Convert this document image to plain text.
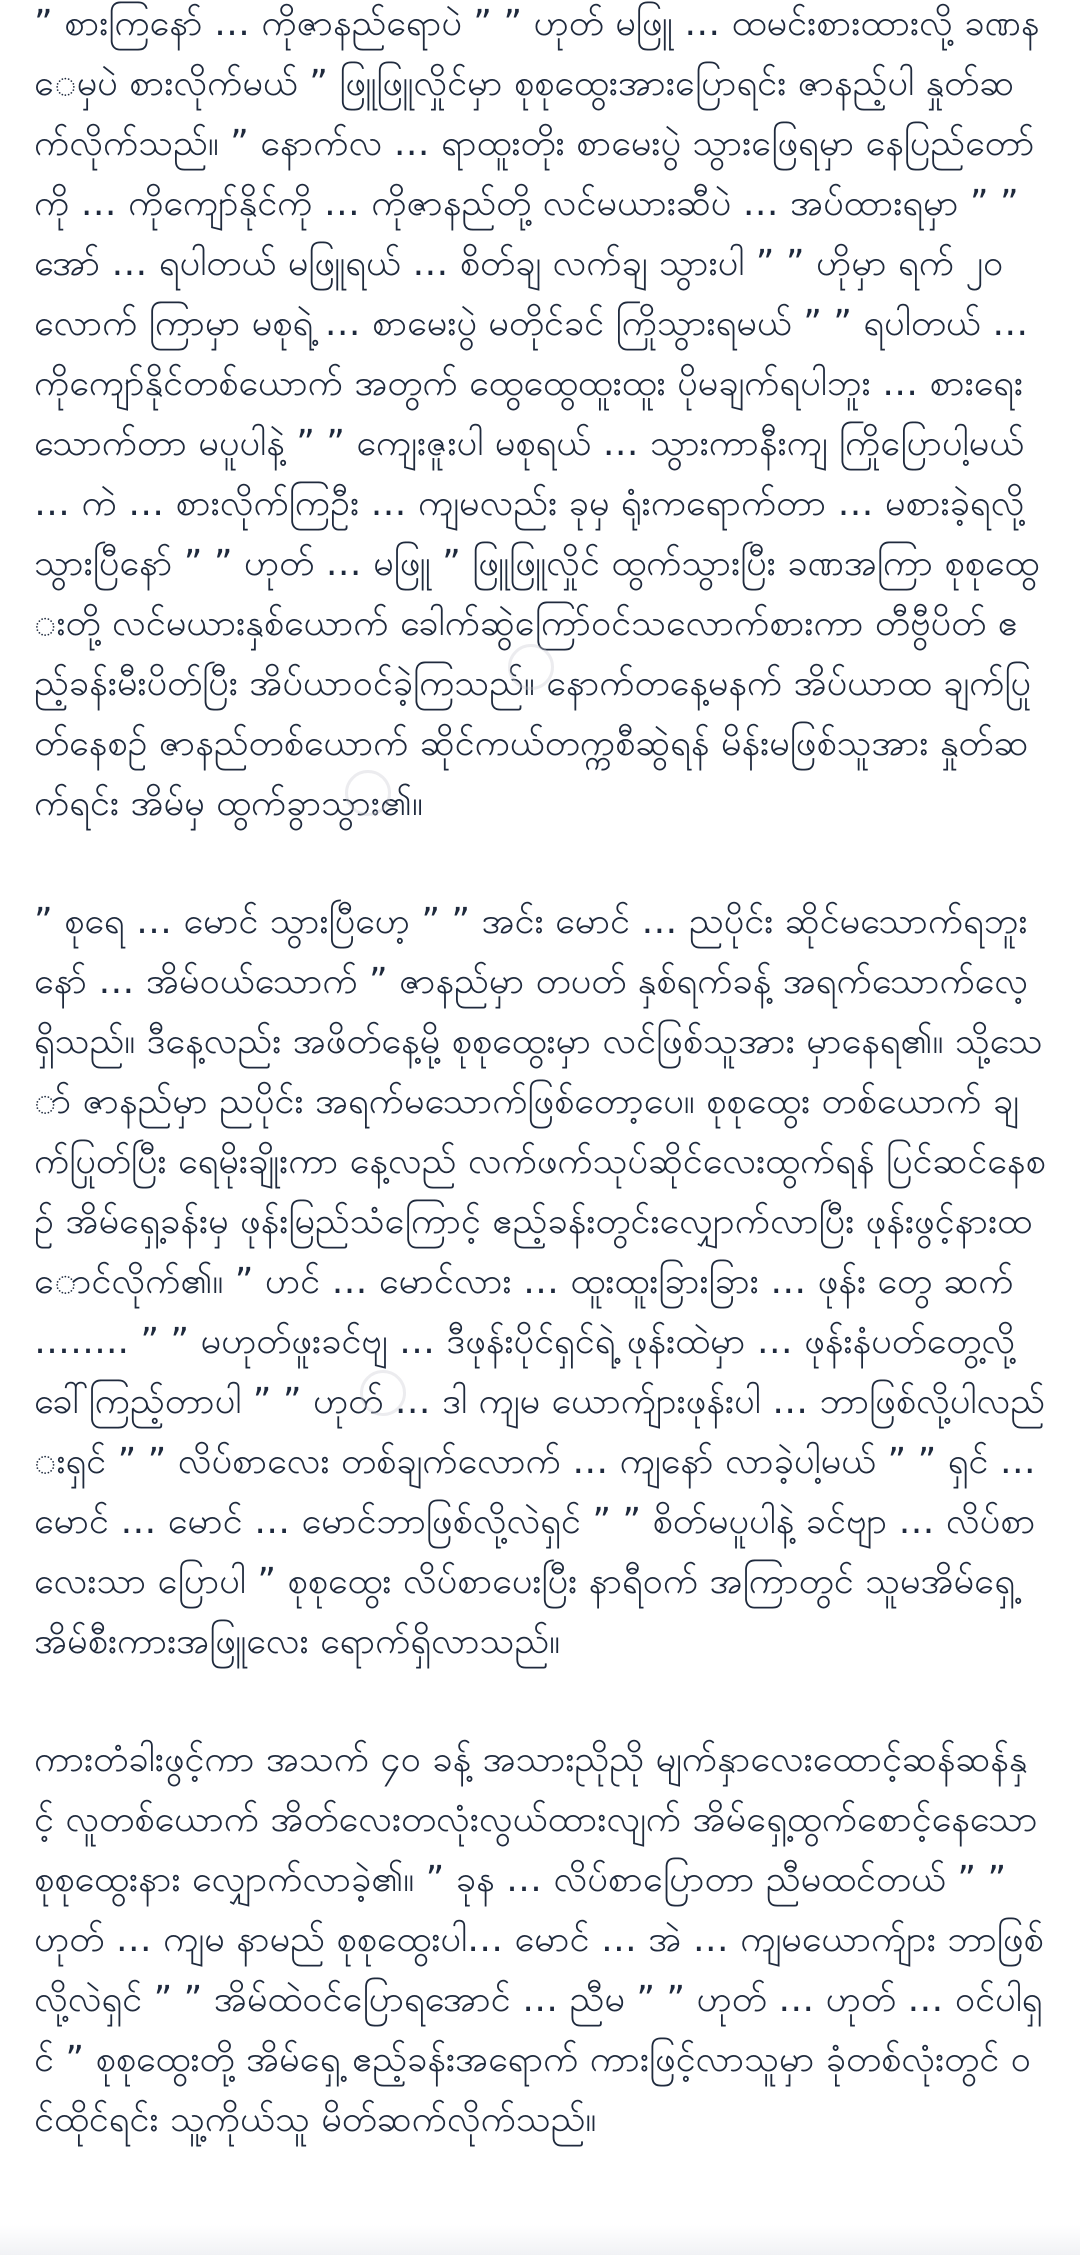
” စားကြနော် … ကိုဇာနည်ရောပဲ ” ” ဟုတ် မဖြူ … ထမင်းစားထားလို့ ခဏနေမှပဲ စားလိုက်မယ် ” ဖြူဖြူလှိုင်မှာ စုစုထွေးအားပြောရင်း ဇာနည့်ပါ နှုတ်ဆက်လိုက်သည်။ ” နောက်လ … ရာထူးတိုး စာမေးပွဲ သွားဖြေရမှာ နေပြည်တော်ကို … ကိုကျော်နိုင်ကို … ကိုဇာနည်တို့ လင်မယားဆီပဲ … အပ်ထားရမှာ ” ” အော် … ရပါတယ် မဖြူရယ် … စိတ်ချ လက်ချ သွားပါ ” ” ဟိုမှာ ရက် ၂၀ လောက် ကြာမှာ မစုရဲ့ … စာမေးပွဲ မတိုင်ခင် ကြိုသွားရမယ် ” ” ရပါတယ် … ကိုကျော်နိုင်တစ်ယောက် အတွက် ထွေထွေထူးထူး ပိုမချက်ရပါဘူး … စားရေးသောက်တာ မပူပါနဲ့ ” ” ကျေးဇူးပါ မစုရယ် … သွားကာနီးကျ ကြိုပြောပါ့မယ် … ကဲ … စားလိုက်ကြဦး … ကျမလည်း ခုမှ ရုံးကရောက်တာ … မစားခဲ့ရလို့ သွားပြီနော် ” ” ဟုတ် … မဖြူ ” ဖြူဖြူလှိုင် ထွက်သွားပြီး ခဏအကြာ စုစုထွေးတို့ လင်မယားနှစ်ယောက် ခေါက်ဆွဲကြော်ဝင်သလောက်စားကာ တီဗွီပိတ် ဧည့်ခန်းမီးပိတ်ပြီး အိပ်ယာဝင်ခဲ့ကြသည်။ နောက်တနေ့မနက် အိပ်ယာထ ချက်ပြုတ်နေစဉ် ဇာနည်တစ်ယောက် ဆိုင်ကယ်တက္ကစီဆွဲရန် မိန်းမဖြစ်သူအား နှုတ်ဆက်ရင်း အိမ်မှ ထွက်ခွာသွား၏။

” စုရေ … မောင် သွားပြီဟေ့ ” ” အင်း မောင် … ညပိုင်း ဆိုင်မသောက်ရဘူးနော် … အိမ်ဝယ်သောက် ” ဇာနည်မှာ တပတ် နှစ်ရက်ခန့် အရက်သောက်လေ့ရှိသည်။ ဒီနေ့လည်း အဖိတ်နေ့မို့ စုစုထွေးမှာ လင်ဖြစ်သူအား မှာနေရ၏။ သို့သော် ဇာနည်မှာ ညပိုင်း အရက်မသောက်ဖြစ်တော့ပေ။ စုစုထွေး တစ်ယောက် ချက်ပြုတ်ပြီး ရေမိုးချိုးကာ နေ့လည် လက်ဖက်သုပ်ဆိုင်လေးထွက်ရန် ပြင်ဆင်နေစဉ် အိမ်ရှေ့ခန်းမှ ဖုန်းမြည်သံကြောင့် ဧည့်ခန်းတွင်းလျှောက်လာပြီး ဖုန်းဖွင့်နားထောင်လိုက်၏။ ” ဟင် … မောင်လား … ထူးထူးခြားခြား … ဖုန်း တွေ ဆက် …….. ” ” မဟုတ်ဖူးခင်ဗျ … ဒီဖုန်းပိုင်ရှင်ရဲ့ ဖုန်းထဲမှာ … ဖုန်းနံပတ်တွေ့လို့ ခေါ်ကြည့်တာပါ ” ” ဟုတ် … ဒါ ကျမ ယောက်ျားဖုန်းပါ … ဘာဖြစ်လို့ပါလည်းရှင် ” ” လိပ်စာလေး တစ်ချက်လောက် … ကျနော် လာခဲ့ပါ့မယ် ” ” ရှင် … မောင် … မောင် … မောင်ဘာဖြစ်လို့လဲရှင် ” ” စိတ်မပူပါနဲ့ ခင်ဗျာ … လိပ်စာလေးသာ ပြောပါ ” စုစုထွေး လိပ်စာပေးပြီး နာရီဝက် အကြာတွင် သူမအိမ်ရှေ့ အိမ်စီးကားအဖြူလေး ရောက်ရှိလာသည်။

ကားတံခါးဖွင့်ကာ အသက် ၄၀ ခန့် အသားညိုညို မျက်နှာလေးထောင့်ဆန်ဆန်နှင့် လူတစ်ယောက် အိတ်လေးတလုံးလွယ်ထားလျက် အိမ်ရှေ့ထွက်စောင့်နေသော စုစုထွေးနား လျှောက်လာခဲ့၏။ ” ခုန … လိပ်စာပြောတာ ညီမထင်တယ် ” ” ဟုတ် … ကျမ နာမည် စုစုထွေးပါ… မောင် … အဲ … ကျမယောက်ျား ဘာဖြစ်လို့လဲရှင် ” ” အိမ်ထဲဝင်ပြောရအောင် … ညီမ ” ” ဟုတ် … ဟုတ် … ဝင်ပါရှင် ” စုစုထွေးတို့ အိမ်ရှေ့ ဧည့်ခန်းအရောက် ကားဖြင့်လာသူမှာ ခုံတစ်လုံးတွင် ဝင်ထိုင်ရင်း သူ့ကိုယ်သူ မိတ်ဆက်လိုက်သည်။
